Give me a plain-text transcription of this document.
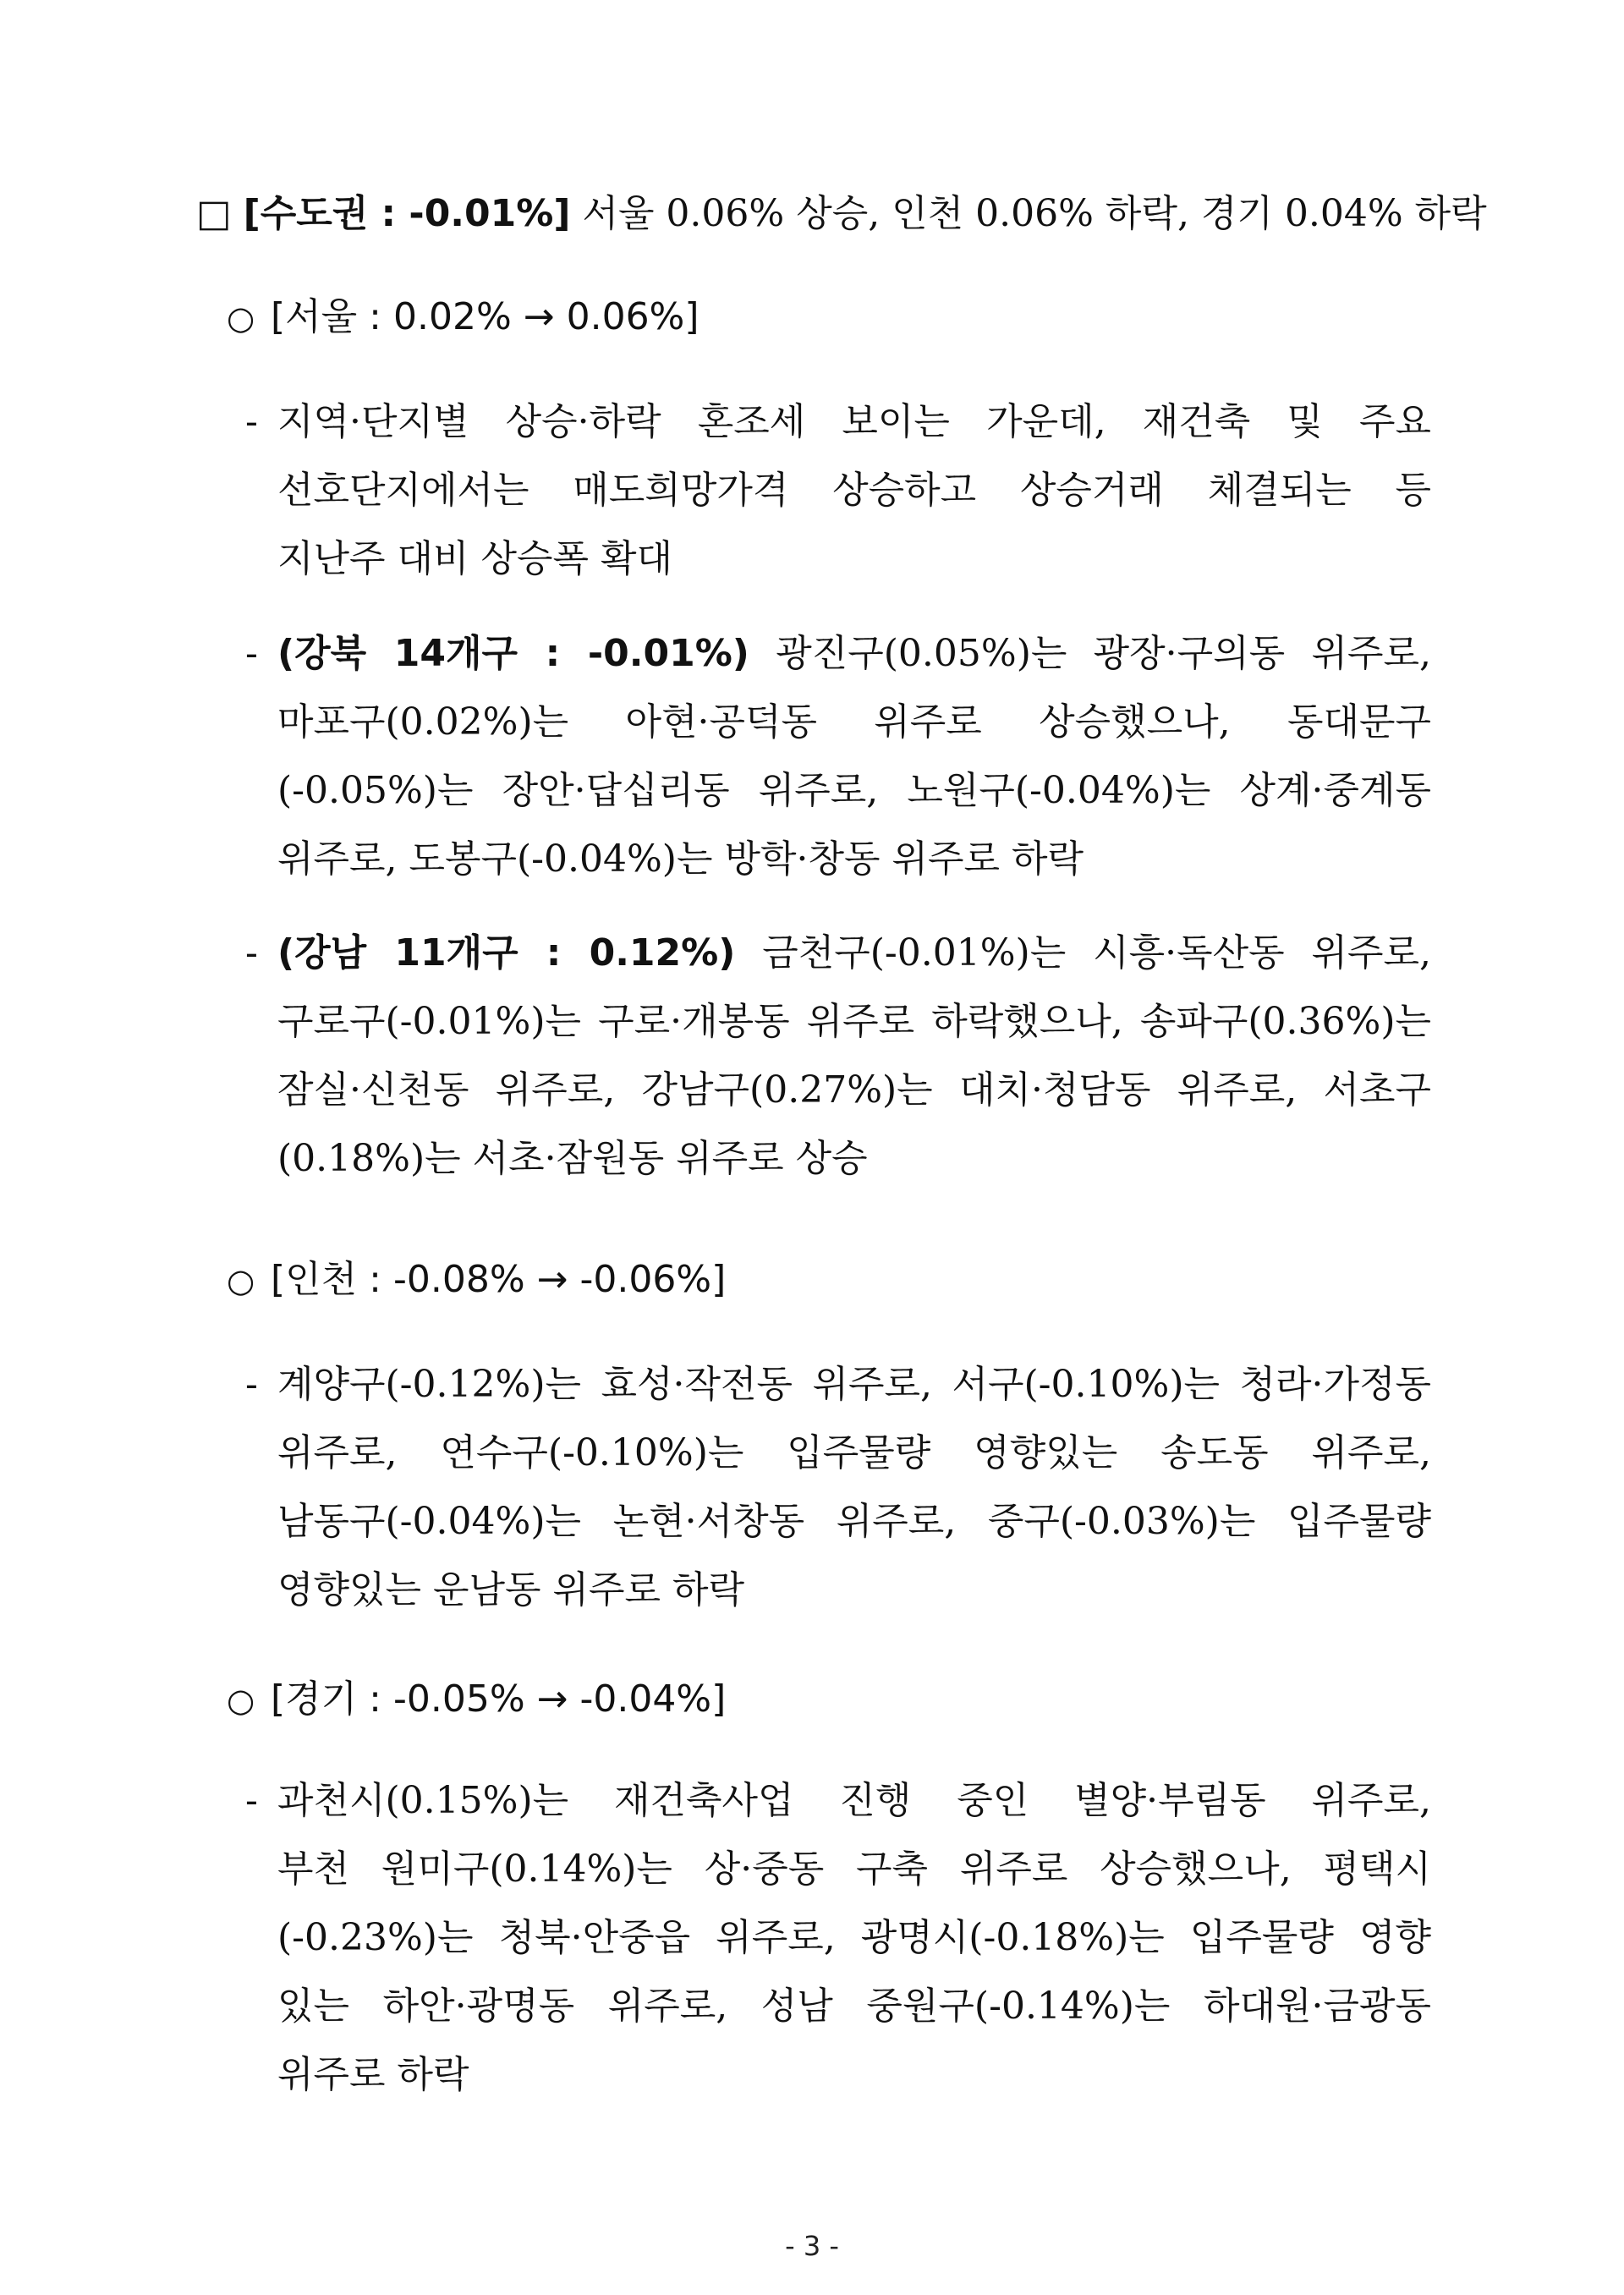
□ [수도권 : -0.01%] 서울 0.06% 상승, 인천 0.06% 하락, 경기 0.04% 하락
○ [서울 : 0.02% → 0.06%]
- 지역·단지별 상승·하락 혼조세 보이는 가운데, 재건축 및 주요
선호단지에서는 매도희망가격 상승하고 상승거래 체결되는 등
지난주 대비 상승폭 확대
- (강북 14개구 : -0.01%) 광진구(0.05%)는 광장·구의동 위주로,
마포구(0.02%)는 아현·공덕동 위주로 상승했으나, 동대문구
(-0.05%)는 장안·답십리동 위주로, 노원구(-0.04%)는 상계·중계동
위주로, 도봉구(-0.04%)는 방학·창동 위주로 하락
- (강남 11개구 : 0.12%) 금천구(-0.01%)는 시흥·독산동 위주로,
구로구(-0.01%)는 구로·개봉동 위주로 하락했으나, 송파구(0.36%)는
잠실·신천동 위주로, 강남구(0.27%)는 대치·청담동 위주로, 서초구
(0.18%)는 서초·잠원동 위주로 상승
○ [인천 : -0.08% → -0.06%]
- 계양구(-0.12%)는 효성·작전동 위주로, 서구(-0.10%)는 청라·가정동
위주로, 연수구(-0.10%)는 입주물량 영향있는 송도동 위주로,
남동구(-0.04%)는 논현·서창동 위주로, 중구(-0.03%)는 입주물량
영향있는 운남동 위주로 하락
○ [경기 : -0.05% → -0.04%]
- 과천시(0.15%)는 재건축사업 진행 중인 별양·부림동 위주로,
부천 원미구(0.14%)는 상·중동 구축 위주로 상승했으나, 평택시
(-0.23%)는 청북·안중읍 위주로, 광명시(-0.18%)는 입주물량 영향
있는 하안·광명동 위주로, 성남 중원구(-0.14%)는 하대원·금광동
위주로 하락
- 3 -
